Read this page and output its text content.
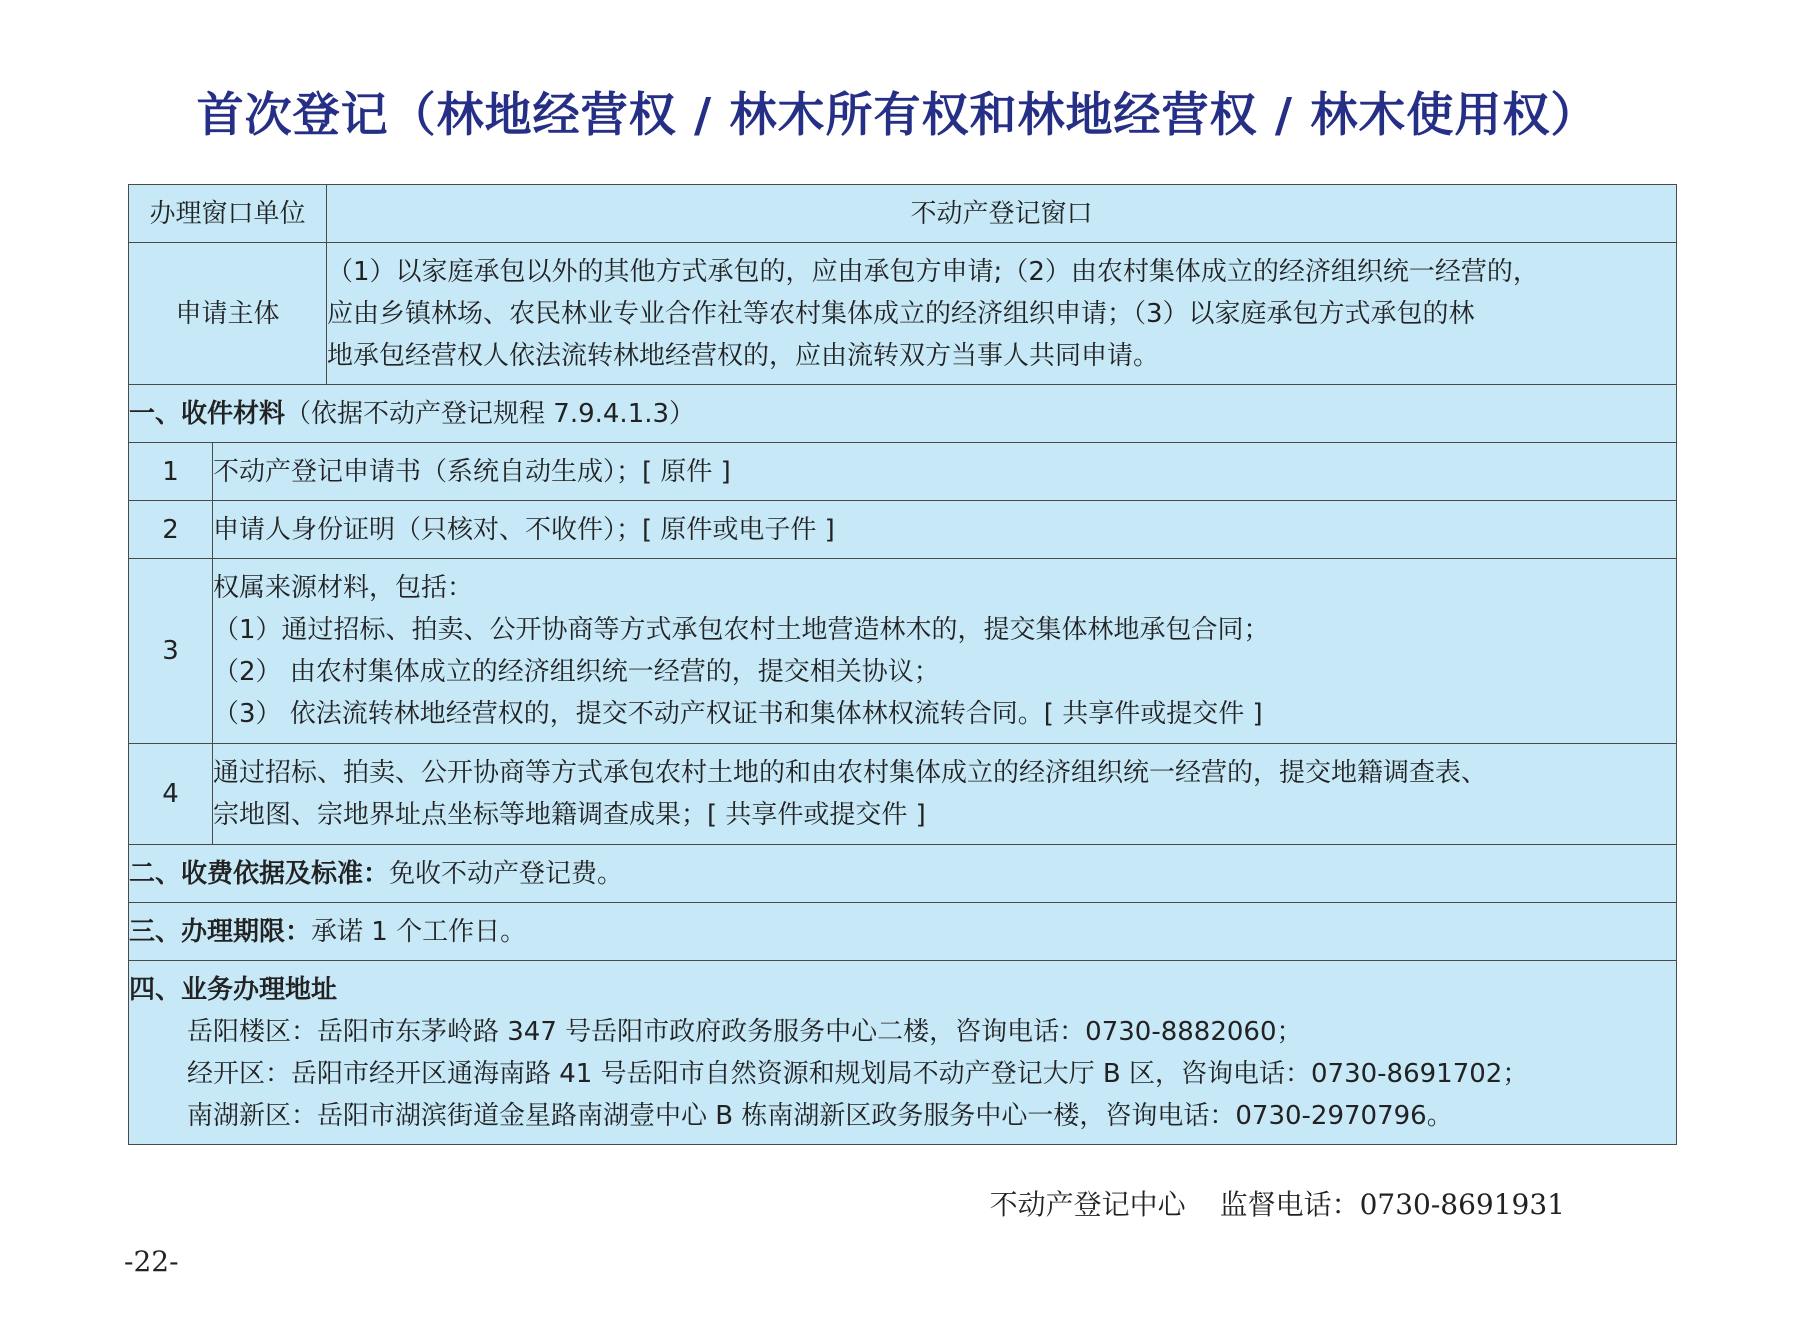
首次登记（林地经营权 / 林木所有权和林地经营权 / 林木使用权）
办理窗口单位		不动产登记窗口
申请主体		（1）以家庭承包以外的其他方式承包的，应由承包方申请;（2）由农村集体成立的经济组织统一经营的，
应由乡镇林场、农民林业专业合作社等农村集体成立的经济组织申请；（3）以家庭承包方式承包的林
地承包经营权人依法流转林地经营权的，应由流转双方当事人共同申请。

一、收件材料（依据不动产登记规程 7.9.4.1.3）		
1	不动产登记申请书（系统自动生成）；[ 原件 ]	
2	申请人身份证明（只核对、不收件）；[ 原件或电子件 ]	
3	权属来源材料，包括：
（1）通过招标、拍卖、公开协商等方式承包农村土地营造林木的，提交集体林地承包合同；
（2） 由农村集体成立的经济组织统一经营的，提交相关协议；
（3） 依法流转林地经营权的，提交不动产权证书和集体林权流转合同。[ 共享件或提交件 ]	

4	通过招标、拍卖、公开协商等方式承包农村土地的和由农村集体成立的经济组织统一经营的，提交地籍调查表、
宗地图、宗地界址点坐标等地籍调查成果；[ 共享件或提交件 ]	

二、收费依据及标准：免收不动产登记费。		
三、办理期限：承诺 1 个工作日。		

四、业务办理地址
岳阳楼区：岳阳市东茅岭路 347 号岳阳市政府政务服务中心二楼，咨询电话：0730-8882060；
经开区：岳阳市经开区通海南路 41 号岳阳市自然资源和规划局不动产登记大厅 B 区，咨询电话：0730-8691702；
南湖新区：岳阳市湖滨街道金星路南湖壹中心 B 栋南湖新区政务服务中心一楼，咨询电话：0730-2970796。		
不动产登记中心 监督电话：0730-8691931
-22-
